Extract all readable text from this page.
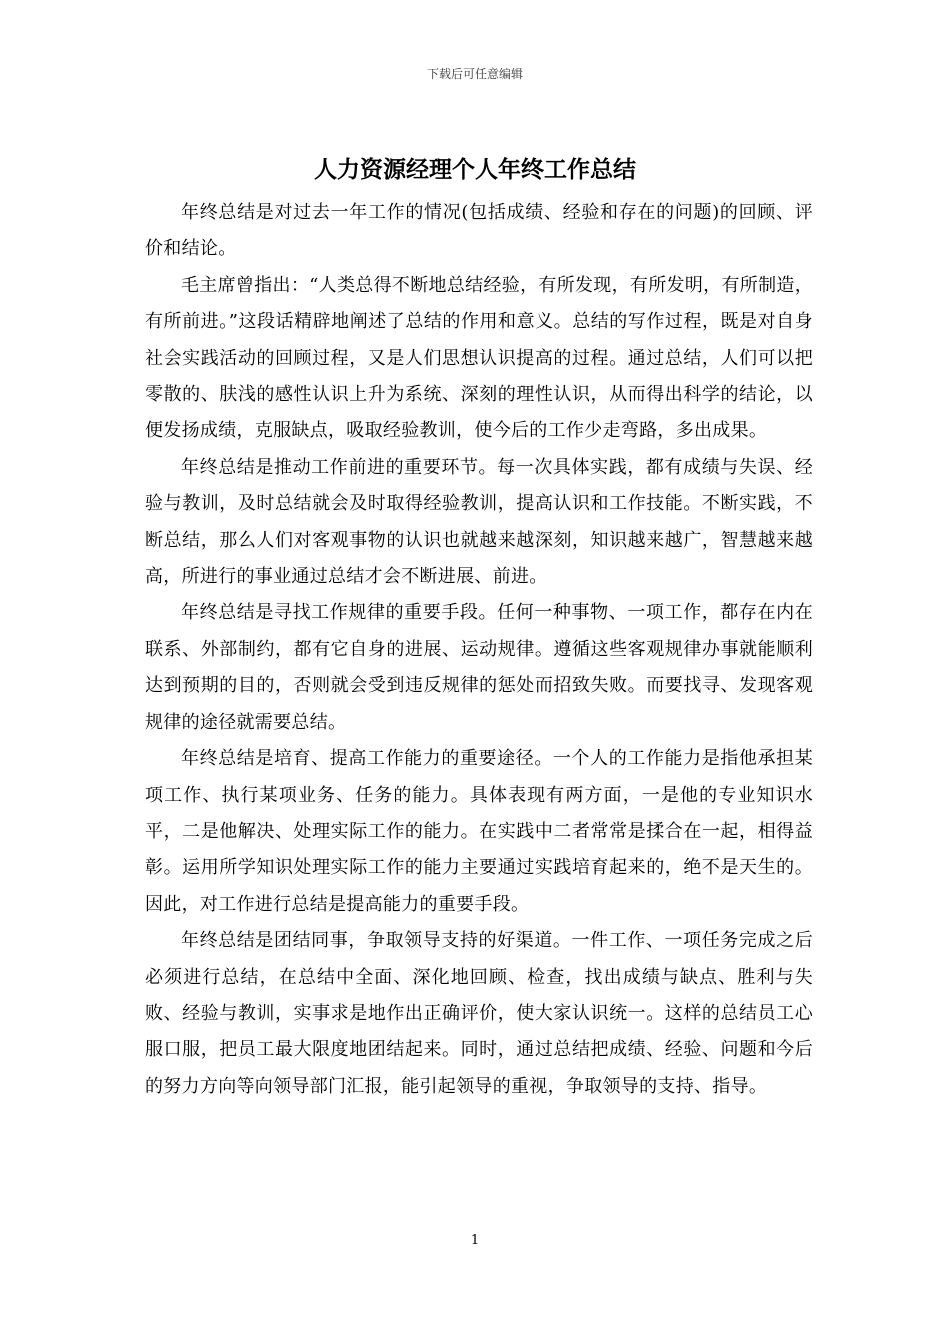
下载后可任意编辑
人力资源经理个人年终工作总结

年终总结是对过去一年工作的情况(包括成绩、经验和存在的问题)的回顾、评价和结论。

毛主席曾指出：“人类总得不断地总结经验，有所发现，有所发明，有所制造，有所前进。”这段话精辟地阐述了总结的作用和意义。总结的写作过程，既是对自身社会实践活动的回顾过程，又是人们思想认识提高的过程。通过总结，人们可以把零散的、肤浅的感性认识上升为系统、深刻的理性认识，从而得出科学的结论，以便发扬成绩，克服缺点，吸取经验教训，使今后的工作少走弯路，多出成果。

年终总结是推动工作前进的重要环节。每一次具体实践，都有成绩与失误、经验与教训，及时总结就会及时取得经验教训，提高认识和工作技能。不断实践，不断总结，那么人们对客观事物的认识也就越来越深刻，知识越来越广，智慧越来越高，所进行的事业通过总结才会不断进展、前进。

年终总结是寻找工作规律的重要手段。任何一种事物、一项工作，都存在内在联系、外部制约，都有它自身的进展、运动规律。遵循这些客观规律办事就能顺利达到预期的目的，否则就会受到违反规律的惩处而招致失败。而要找寻、发现客观规律的途径就需要总结。

年终总结是培育、提高工作能力的重要途径。一个人的工作能力是指他承担某项工作、执行某项业务、任务的能力。具体表现有两方面，一是他的专业知识水平，二是他解决、处理实际工作的能力。在实践中二者常常是揉合在一起，相得益彰。运用所学知识处理实际工作的能力主要通过实践培育起来的，绝不是天生的。因此，对工作进行总结是提高能力的重要手段。

年终总结是团结同事，争取领导支持的好渠道。一件工作、一项任务完成之后必须进行总结，在总结中全面、深化地回顾、检查，找出成绩与缺点、胜利与失败、经验与教训，实事求是地作出正确评价，使大家认识统一。这样的总结员工心服口服，把员工最大限度地团结起来。同时，通过总结把成绩、经验、问题和今后的努力方向等向领导部门汇报，能引起领导的重视，争取领导的支持、指导。

1
